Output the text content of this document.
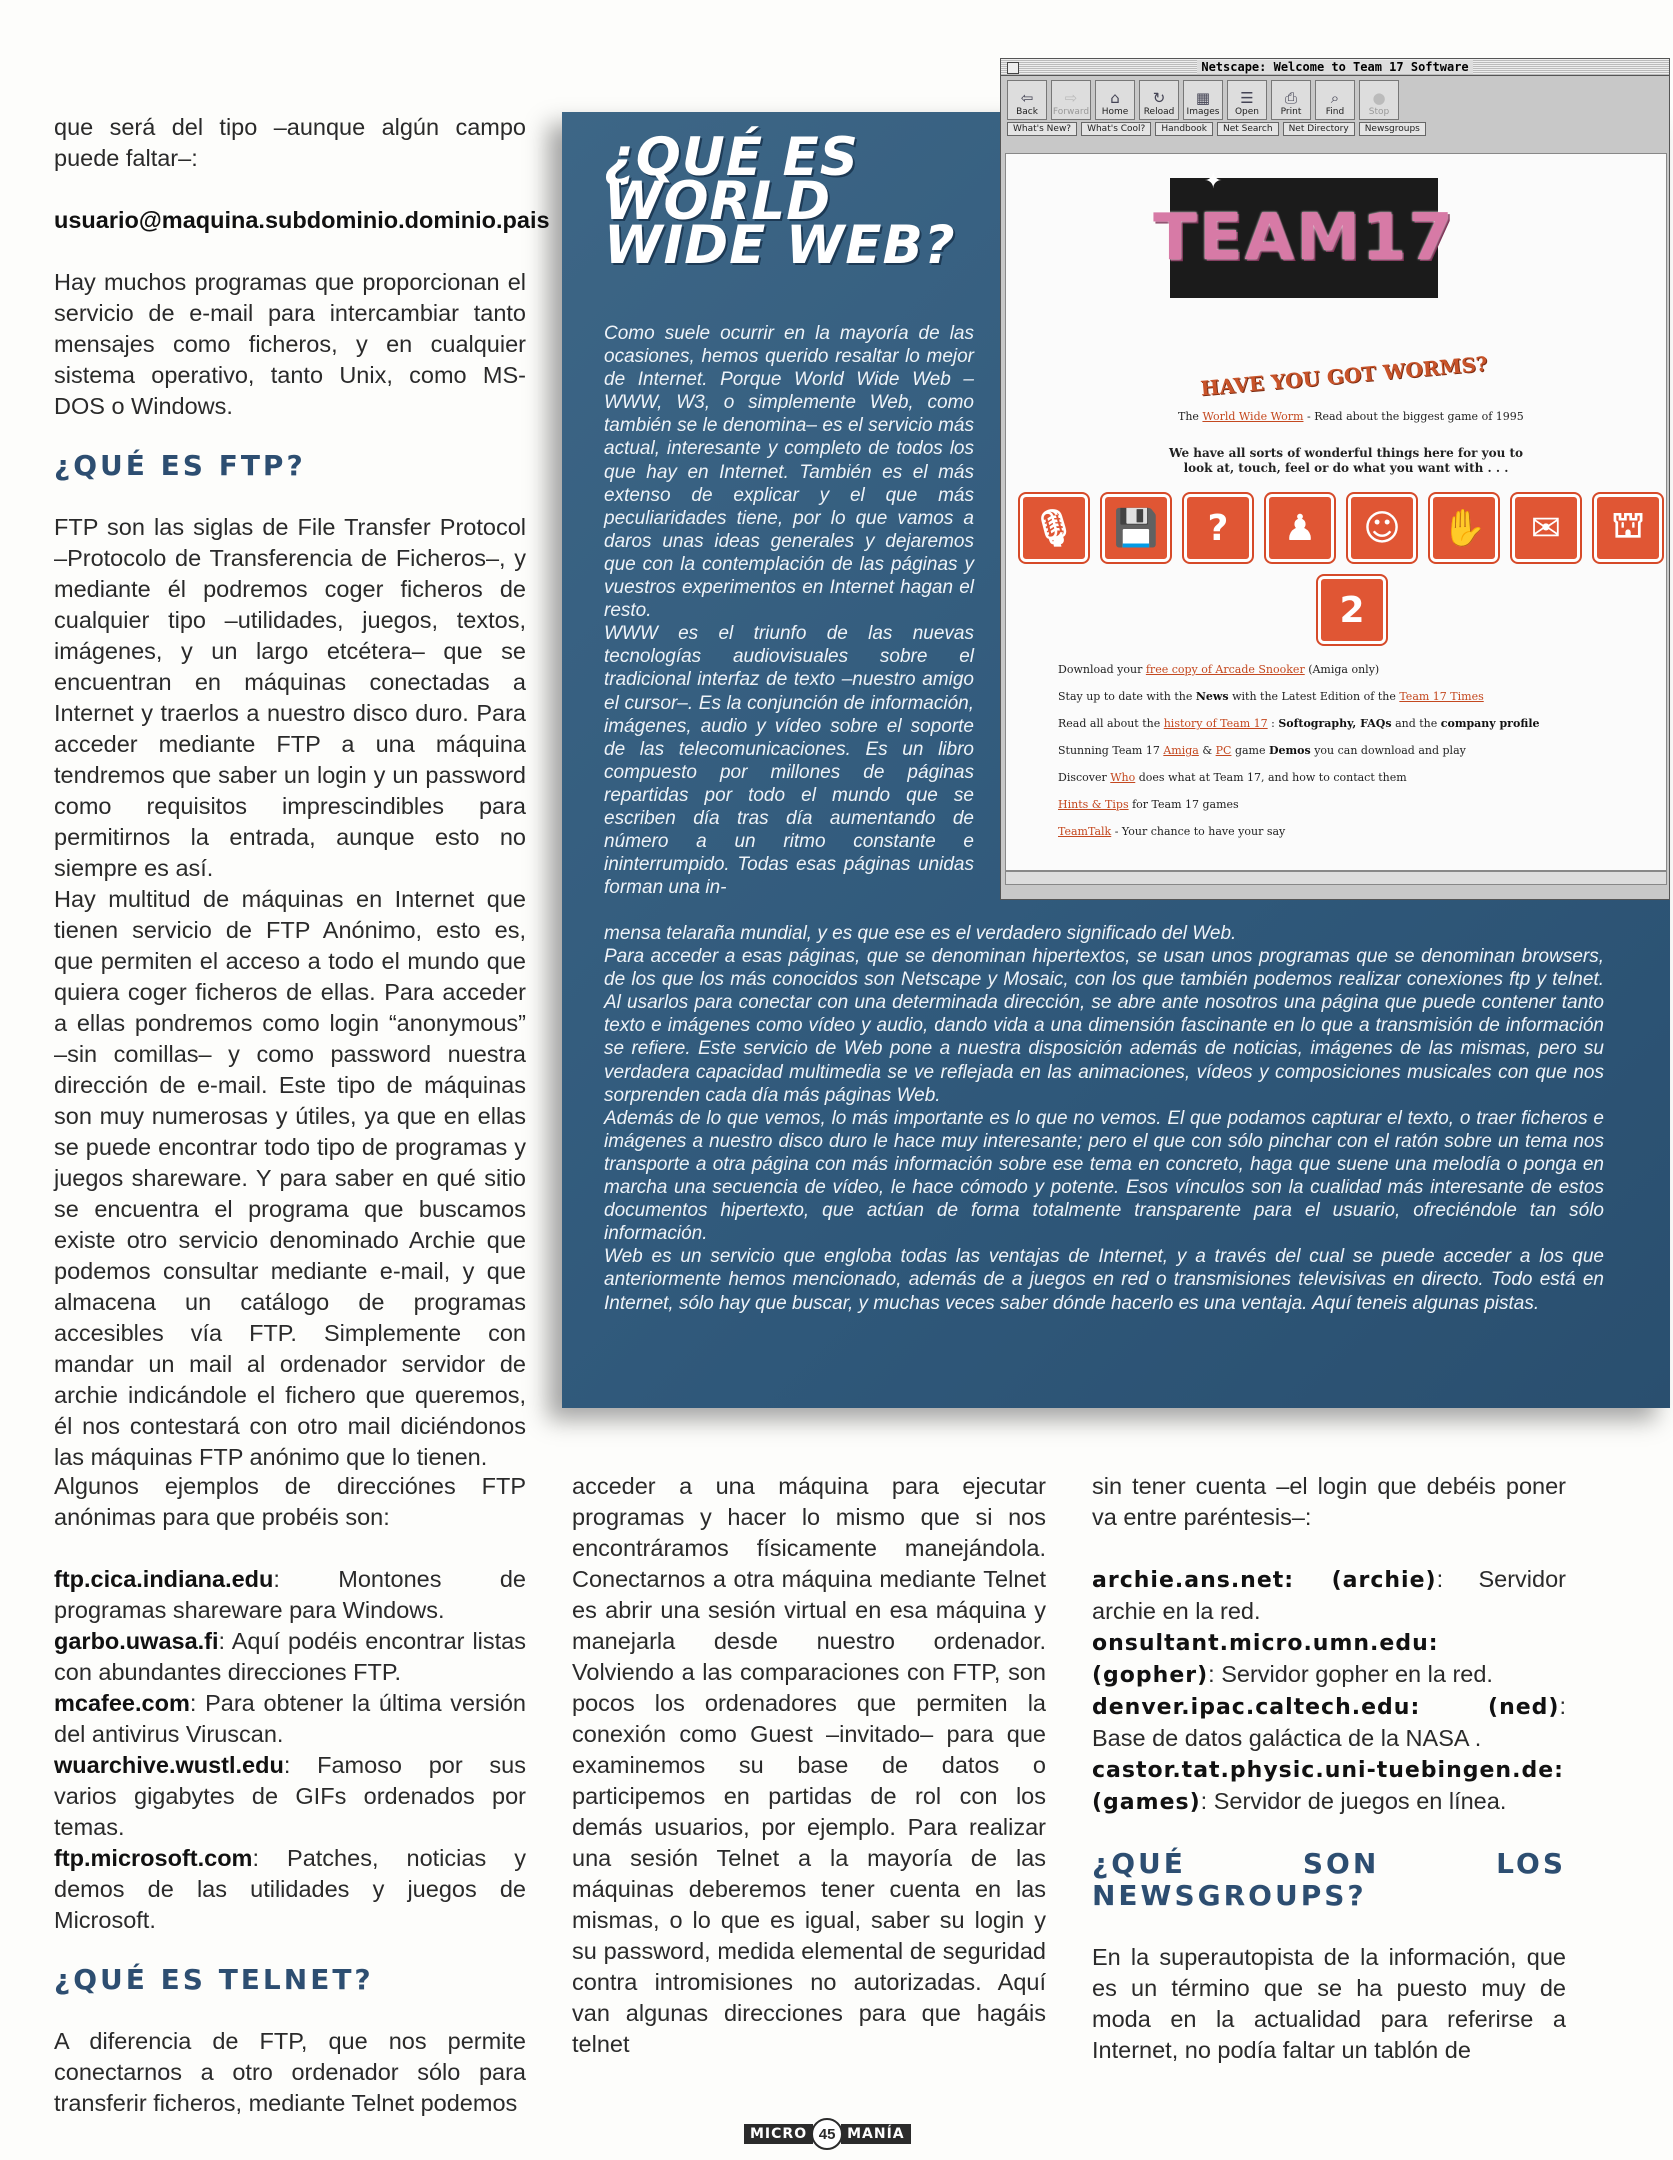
que será del tipo –aunque algún campo puede faltar–:

usuario@maquina.subdominio.dominio.pais

Hay muchos programas que proporcionan el servicio de e-mail para intercambiar tanto mensajes como ficheros, y en cualquier sistema operativo, tanto Unix, como MS-DOS o Windows.

¿QUÉ ES FTP?

FTP son las siglas de File Transfer Protocol –Protocolo de Transferencia de Ficheros–, y mediante él podremos coger ficheros de cualquier tipo –utilidades, juegos, textos, imágenes, y un largo etcétera– que se encuentran en máquinas conectadas a Internet y traerlos a nuestro disco duro. Para acceder mediante FTP a una máquina tendremos que saber un login y un password como requisitos imprescindibles para permitirnos la entrada, aunque esto no siempre es así.

Hay multitud de máquinas en Internet que tienen servicio de FTP Anónimo, esto es, que permiten el acceso a todo el mundo que quiera coger ficheros de ellas. Para acceder a ellas pondremos como login “anonymous” –sin comillas– y como password nuestra dirección de e-mail. Este tipo de máquinas son muy numerosas y útiles, ya que en ellas se puede encontrar todo tipo de programas y juegos shareware. Y para saber en qué sitio se encuentra el programa que buscamos existe otro servicio denominado Archie que podemos consultar mediante e-mail, y que almacena un catálogo de programas accesibles vía FTP. Simplemente con mandar un mail al ordenador servidor de archie indicándole el fichero que queremos, él nos contestará con otro mail diciéndonos las máquinas FTP anónimo que lo tienen.

¿QUÉ ES WORLD WIDE WEB?

Como suele ocurrir en la mayoría de las ocasiones, hemos querido resaltar lo mejor de Internet. Porque World Wide Web –WWW, W3, o simplemente Web, como también se le denomina– es el servicio más actual, interesante y completo de todos los que hay en Internet. También es el más extenso de explicar y el que más peculiaridades tiene, por lo que vamos a daros unas ideas generales y dejaremos que con la contemplación de las páginas y vuestros experimentos en Internet hagan el resto.

WWW es el triunfo de las nuevas tecnologías audiovisuales sobre el tradicional interfaz de texto –nuestro amigo el cursor–. Es la conjunción de información, imágenes, audio y vídeo sobre el soporte de las telecomunicaciones. Es un libro compuesto por millones de páginas repartidas por todo el mundo que se escriben día tras día aumentando de número a un ritmo constante e ininterrumpido. Todas esas páginas unidas forman una in-

mensa telaraña mundial, y es que ese es el verdadero significado del Web.

Para acceder a esas páginas, que se denominan hipertextos, se usan unos programas que se denominan browsers, de los que los más conocidos son Netscape y Mosaic, con los que también podemos realizar conexiones ftp y telnet. Al usarlos para conectar con una determinada dirección, se abre ante nosotros una página que puede contener tanto texto e imágenes como vídeo y audio, dando vida a una dimensión fascinante en lo que a transmisión de información se refiere. Este servicio de Web pone a nuestra disposición además de noticias, imágenes de las mismas, pero su verdadera capacidad multimedia se ve reflejada en las animaciones, vídeos y composiciones musicales con que nos sorprenden cada día más páginas Web.

Además de lo que vemos, lo más importante es lo que no vemos. El que podamos capturar el texto, o traer ficheros e imágenes a nuestro disco duro le hace muy interesante; pero el que con sólo pinchar con el ratón sobre un tema nos transporte a otra página con más información sobre ese tema en concreto, haga que suene una melodía o ponga en marcha una secuencia de vídeo, le hace cómodo y potente. Esos vínculos son la cualidad más interesante de estos documentos hipertexto, que actúan de forma totalmente transparente para el usuario, ofreciéndole tan sólo información.

Web es un servicio que engloba todas las ventajas de Internet, y a través del cual se puede acceder a los que anteriormente hemos mencionado, además de a juegos en red o transmisiones televisivas en directo. Todo está en Internet, sólo hay que buscar, y muchas veces saber dónde hacerlo es una ventaja. Aquí teneis algunas pistas.

Netscape: Welcome to Team 17 Software
⇦
Back
⇨
Forward
⌂
Home
↻
Reload
▦
Images
☰
Open
⎙
Print
⌕
Find
●
Stop
What's New?	What's Cool?	Handbook	Net Search	Net Directory	Newsgroups
TEAM17
✦
HAVE YOU GOT WORMS?
The World Wide Worm - Read about the biggest game of 1995
We have all sorts of wonderful things here for you to look at, touch, feel or do what you want with . . .
🎙	💾	?	♟	☺	✋	✉	⛫
2
Download your free copy of Arcade Snooker (Amiga only)
Stay up to date with the News with the Latest Edition of the Team 17 Times
Read all about the history of Team 17 : Softography, FAQs and the company profile
Stunning Team 17 Amiga & PC game Demos you can download and play
Discover Who does what at Team 17, and how to contact them
Hints & Tips for Team 17 games
TeamTalk - Your chance to have your say

Algunos ejemplos de direcciónes FTP anónimas para que probéis son:

ftp.cica.indiana.edu: Montones de programas shareware para Windows.

garbo.uwasa.fi: Aquí podéis encontrar listas con abundantes direcciones FTP.

mcafee.com: Para obtener la última versión del antivirus Viruscan.

wuarchive.wustl.edu: Famoso por sus varios gigabytes de GIFs ordenados por temas.

ftp.microsoft.com: Patches, noticias y demos de las utilidades y juegos de Microsoft.

¿QUÉ ES TELNET?

A diferencia de FTP, que nos permite conectarnos a otro ordenador sólo para transferir ficheros, mediante Telnet podemos

acceder a una máquina para ejecutar programas y hacer lo mismo que si nos encontráramos físicamente manejándola. Conectarnos a otra máquina mediante Telnet es abrir una sesión virtual en esa máquina y manejarla desde nuestro ordenador. Volviendo a las comparaciones con FTP, son pocos los ordenadores que permiten la conexión como Guest –invitado– para que examinemos su base de datos o participemos en partidas de rol con los demás usuarios, por ejemplo. Para realizar una sesión Telnet a la mayoría de las máquinas deberemos tener cuenta en las mismas, o lo que es igual, saber su login y su password, medida elemental de seguridad contra intromisiones no autorizadas. Aquí van algunas direcciones para que hagáis telnet

sin tener cuenta –el login que debéis poner va entre paréntesis–:

archie.ans.net: (archie): Servidor archie en la red.

onsultant.micro.umn.edu: (gopher): Servidor gopher en la red.

denver.ipac.caltech.edu: (ned): Base de datos galáctica de la NASA .

castor.tat.physic.uni-tuebingen.de: (games): Servidor de juegos en línea.

¿QUÉ SON LOS NEWSGROUPS?

En la superautopista de la información, que es un término que se ha puesto muy de moda en la actualidad para referirse a Internet, no podía faltar un tablón de

MICRO 45 MANÍA
